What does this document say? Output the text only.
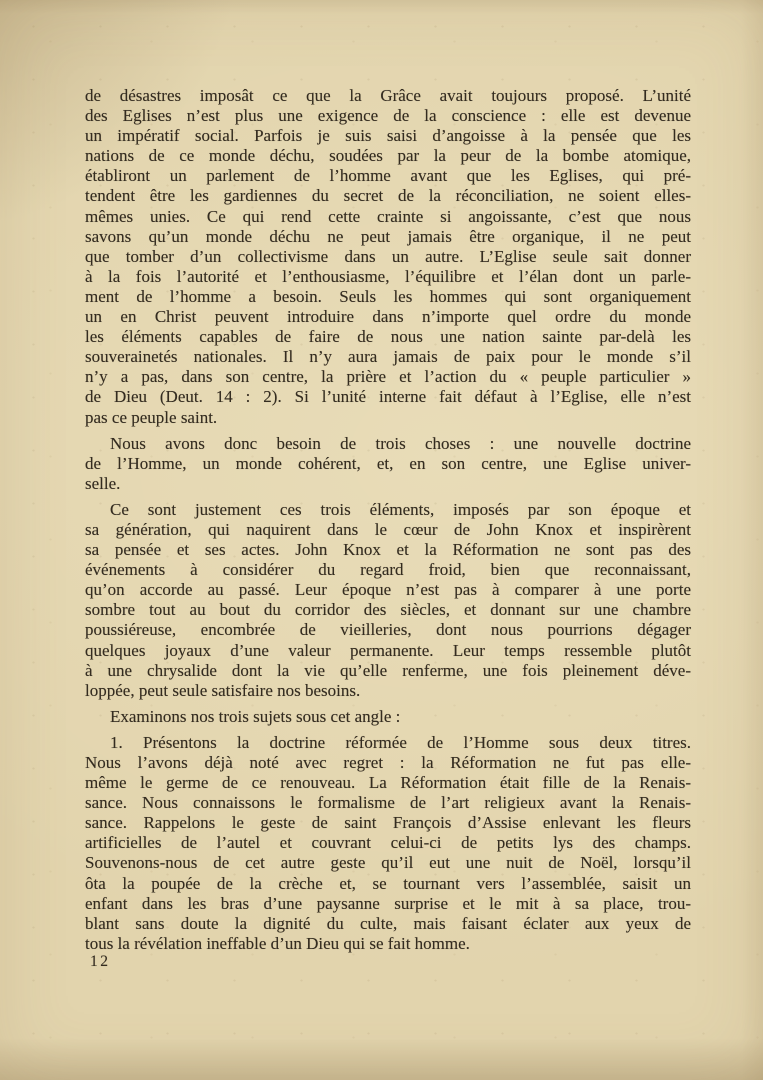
de désastres imposât ce que la Grâce avait toujours proposé. L’unité
des Eglises n’est plus une exigence de la conscience : elle est devenue
un impératif social. Parfois je suis saisi d’angoisse à la pensée que les
nations de ce monde déchu, soudées par la peur de la bombe atomique,
établiront un parlement de l’homme avant que les Eglises, qui pré-
tendent être les gardiennes du secret de la réconciliation, ne soient elles-
mêmes unies. Ce qui rend cette crainte si angoissante, c’est que nous
savons qu’un monde déchu ne peut jamais être organique, il ne peut
que tomber d’un collectivisme dans un autre. L’Eglise seule sait donner
à la fois l’autorité et l’enthousiasme, l’équilibre et l’élan dont un parle-
ment de l’homme a besoin. Seuls les hommes qui sont organiquement
un en Christ peuvent introduire dans n’importe quel ordre du monde
les éléments capables de faire de nous une nation sainte par-delà les
souverainetés nationales. Il n’y aura jamais de paix pour le monde s’il
n’y a pas, dans son centre, la prière et l’action du « peuple particulier »
de Dieu (Deut. 14 : 2). Si l’unité interne fait défaut à l’Eglise, elle n’est
pas ce peuple saint.
Nous avons donc besoin de trois choses : une nouvelle doctrine
de l’Homme, un monde cohérent, et, en son centre, une Eglise univer-
selle.
Ce sont justement ces trois éléments, imposés par son époque et
sa génération, qui naquirent dans le cœur de John Knox et inspirèrent
sa pensée et ses actes. John Knox et la Réformation ne sont pas des
événements à considérer du regard froid, bien que reconnaissant,
qu’on accorde au passé. Leur époque n’est pas à comparer à une porte
sombre tout au bout du corridor des siècles, et donnant sur une chambre
poussiéreuse, encombrée de vieilleries, dont nous pourrions dégager
quelques joyaux d’une valeur permanente. Leur temps ressemble plutôt
à une chrysalide dont la vie qu’elle renferme, une fois pleinement déve-
loppée, peut seule satisfaire nos besoins.
Examinons nos trois sujets sous cet angle :
1. Présentons la doctrine réformée de l’Homme sous deux titres.
Nous l’avons déjà noté avec regret : la Réformation ne fut pas elle-
même le germe de ce renouveau. La Réformation était fille de la Renais-
sance. Nous connaissons le formalisme de l’art religieux avant la Renais-
sance. Rappelons le geste de saint François d’Assise enlevant les fleurs
artificielles de l’autel et couvrant celui-ci de petits lys des champs.
Souvenons-nous de cet autre geste qu’il eut une nuit de Noël, lorsqu’il
ôta la poupée de la crèche et, se tournant vers l’assemblée, saisit un
enfant dans les bras d’une paysanne surprise et le mit à sa place, trou-
blant sans doute la dignité du culte, mais faisant éclater aux yeux de
tous la révélation ineffable d’un Dieu qui se fait homme.
12
